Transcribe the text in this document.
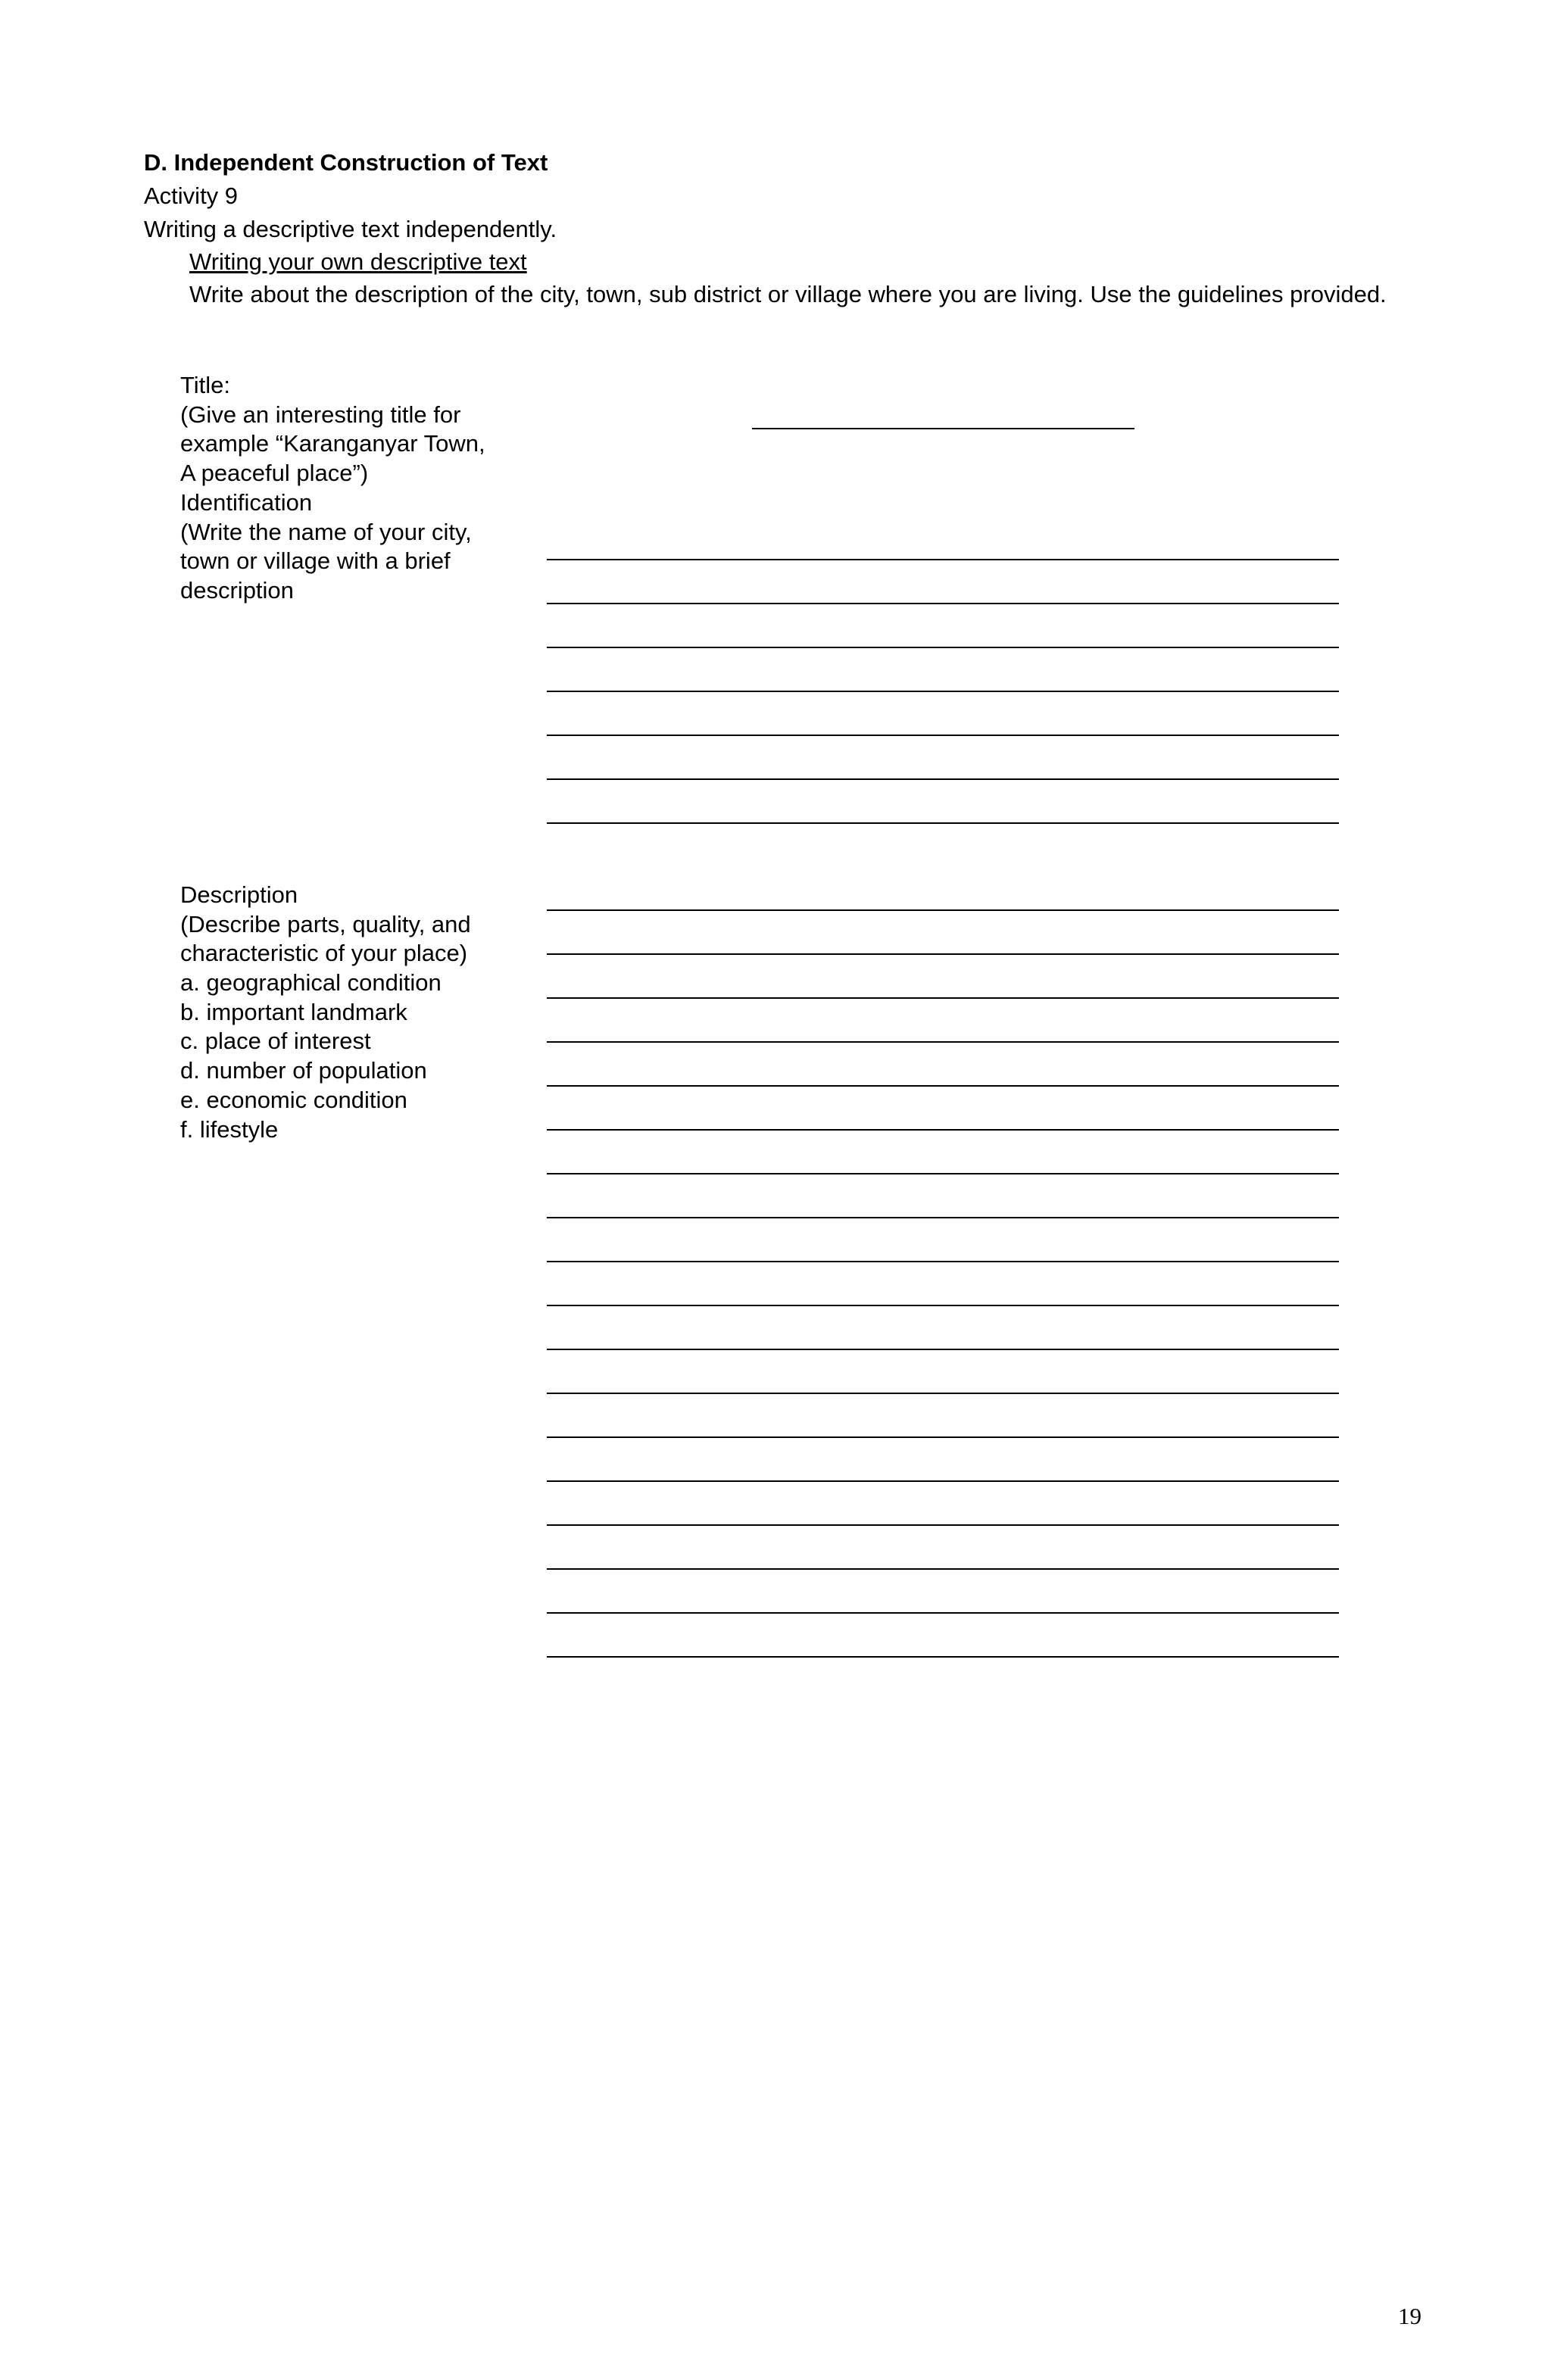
D. Independent Construction of Text
Activity 9
Writing a descriptive text independently.
Writing your own descriptive text
Write about the description of the city, town, sub district or village where you are living. Use the guidelines provided.
Title:
(Give an interesting title for
example “Karanganyar Town,
A peaceful place”)
Identification
(Write the name of your city,
town or village with a brief
description
Description
(Describe parts, quality, and
characteristic of your place)
a. geographical condition
b. important landmark
c. place of interest
d. number of population
e. economic condition
f. lifestyle
19
